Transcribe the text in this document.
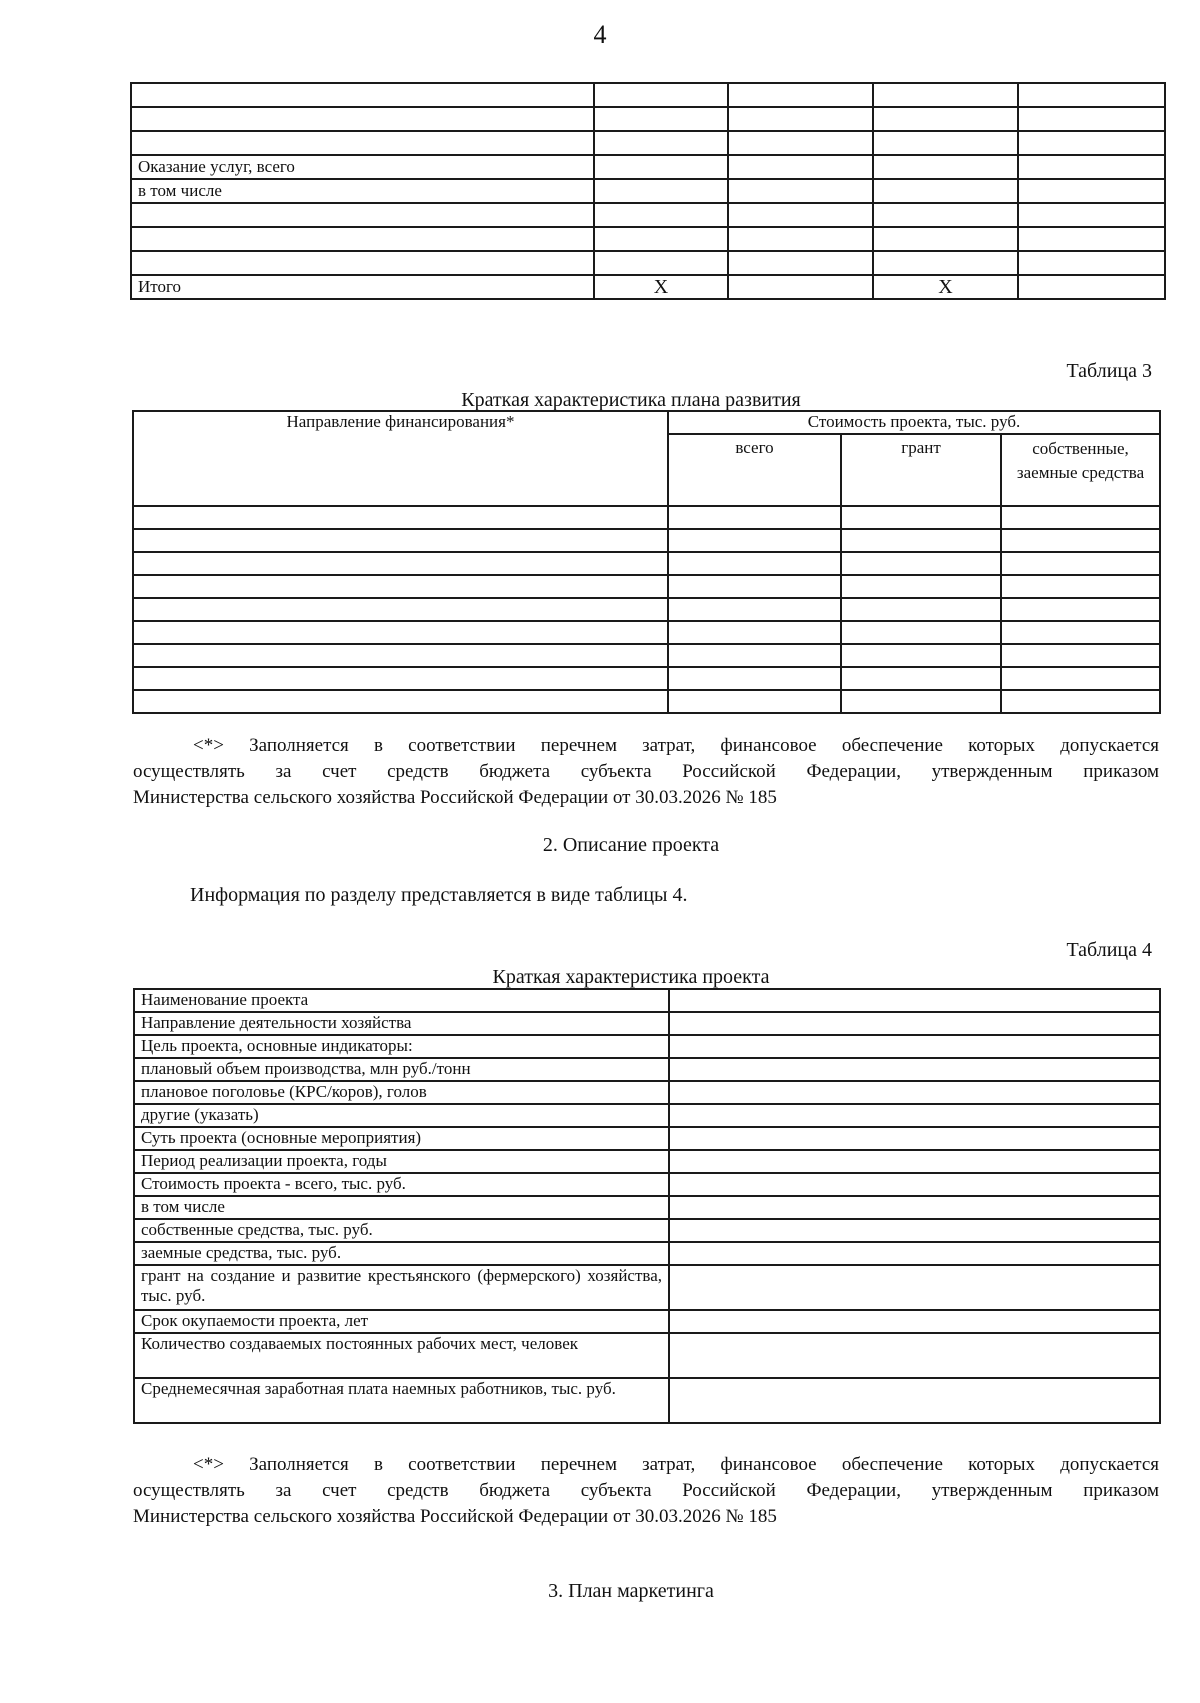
4

Оказание услуг, всего				
в том числе				

Итого	X		X	
Таблица 3
Краткая характеристика плана развития
Направление финансирования*	Стоимость проекта, тыс. руб.		
	всего	грант	собственные, заемные средства

<*> Заполняется в соответствии перечнем затрат, финансовое обеспечение которых допускается
осуществлять за счет средств бюджета субъекта Российской Федерации, утвержденным приказом
Министерства сельского хозяйства Российской Федерации от 30.03.2026 № 185
2. Описание проекта
Информация по разделу представляется в виде таблицы 4.
Таблица 4
Краткая характеристика проекта
Наименование проекта	
Направление деятельности хозяйства	
Цель проекта, основные индикаторы:	
плановый объем производства, млн руб./тонн	
плановое поголовье (КРС/коров), голов	
другие (указать)	
Суть проекта (основные мероприятия)	
Период реализации проекта, годы	
Стоимость проекта - всего, тыс. руб.	
в том числе	
собственные средства, тыс. руб.	
заемные средства, тыс. руб.	
грант на создание и развитие крестьянского (фермерского) хозяйства, тыс. руб.	
Срок окупаемости проекта, лет	
Количество создаваемых постоянных рабочих мест, человек	
Среднемесячная заработная плата наемных работников, тыс. руб.	
<*> Заполняется в соответствии перечнем затрат, финансовое обеспечение которых допускается
осуществлять за счет средств бюджета субъекта Российской Федерации, утвержденным приказом
Министерства сельского хозяйства Российской Федерации от 30.03.2026 № 185
3. План маркетинга
